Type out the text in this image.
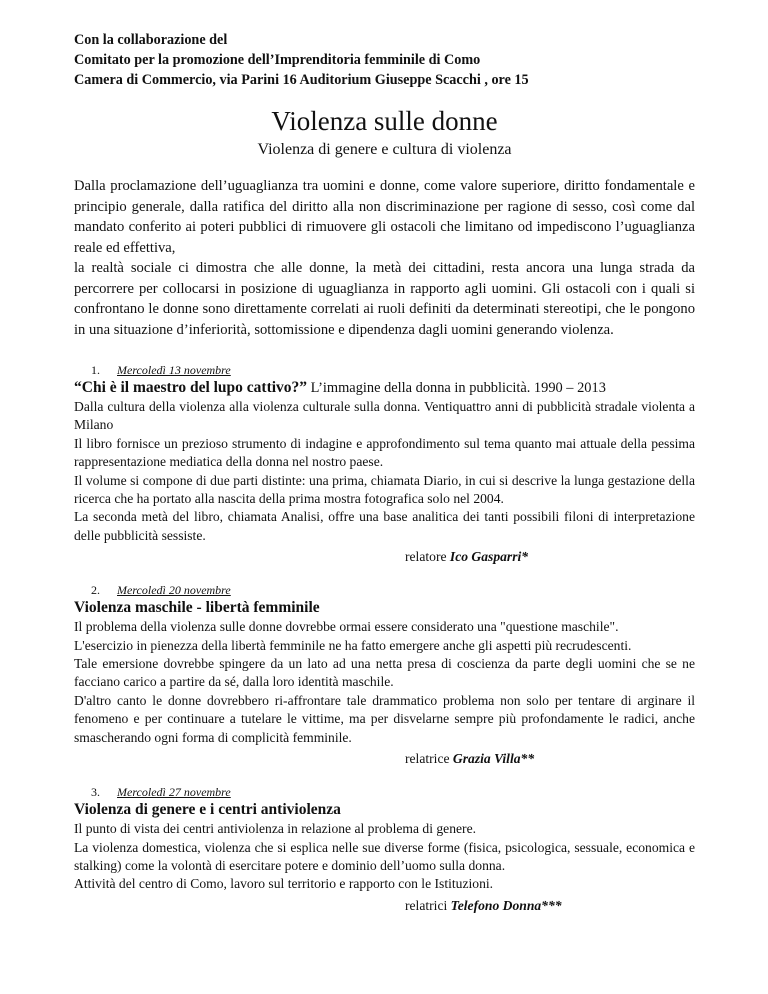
Con la collaborazione del

Comitato per la promozione dell’Imprenditoria femminile di Como

Camera di Commercio, via Parini 16 Auditorium Giuseppe Scacchi , ore 15

Violenza sulle donne
Violenza di genere e cultura di violenza

Dalla proclamazione dell’uguaglianza tra uomini e donne, come valore superiore, diritto fondamentale e principio generale, dalla ratifica del diritto alla non discriminazione per ragione di sesso, così come dal mandato conferito ai poteri pubblici di rimuovere gli ostacoli che limitano od impediscono l’uguaglianza reale ed effettiva,

la realtà sociale ci dimostra che alle donne, la metà dei cittadini, resta ancora una lunga strada da percorrere per collocarsi in posizione di uguaglianza in rapporto agli uomini. Gli ostacoli con i quali si confrontano le donne sono direttamente correlati ai ruoli definiti da determinati stereotipi, che le pongono in una situazione d’inferiorità, sottomissione e dipendenza dagli uomini generando violenza.

1. Mercoledì 13 novembre

“Chi è il maestro del lupo cattivo?” L’immagine della donna in pubblicità. 1990 – 2013

Dalla cultura della violenza alla violenza culturale sulla donna. Ventiquattro anni di pubblicità stradale violenta a Milano

Il libro fornisce un prezioso strumento di indagine e approfondimento sul tema quanto mai attuale della pessima rappresentazione mediatica della donna nel nostro paese.

Il volume si compone di due parti distinte: una prima, chiamata Diario, in cui si descrive la lunga gestazione della ricerca che ha portato alla nascita della prima mostra fotografica solo nel 2004.

La seconda metà del libro, chiamata Analisi, offre una base analitica dei tanti possibili filoni di interpretazione delle pubblicità sessiste.

relatore Ico Gasparri*

2. Mercoledì 20 novembre

Violenza maschile - libertà femminile

Il problema della violenza sulle donne dovrebbe ormai essere considerato una "questione maschile".

L'esercizio in pienezza della libertà femminile ne ha fatto emergere anche gli aspetti più recrudescenti.

Tale emersione dovrebbe spingere da un lato ad una netta presa di coscienza da parte degli uomini che se ne facciano carico a partire da sé, dalla loro identità maschile.

D'altro canto le donne dovrebbero ri-affrontare tale drammatico problema non solo per tentare di arginare il fenomeno e per continuare a tutelare le vittime, ma per disvelarne sempre più profondamente le radici, anche smascherando ogni forma di complicità femminile.

relatrice Grazia Villa**

3. Mercoledì 27 novembre

Violenza di genere e i centri antiviolenza

Il punto di vista dei centri antiviolenza in relazione al problema di genere.

La violenza domestica, violenza che si esplica nelle sue diverse forme (fisica, psicologica, sessuale, economica e stalking) come la volontà di esercitare potere e dominio dell’uomo sulla donna.

Attività del centro di Como, lavoro sul territorio e rapporto con le Istituzioni.

relatrici Telefono Donna***
